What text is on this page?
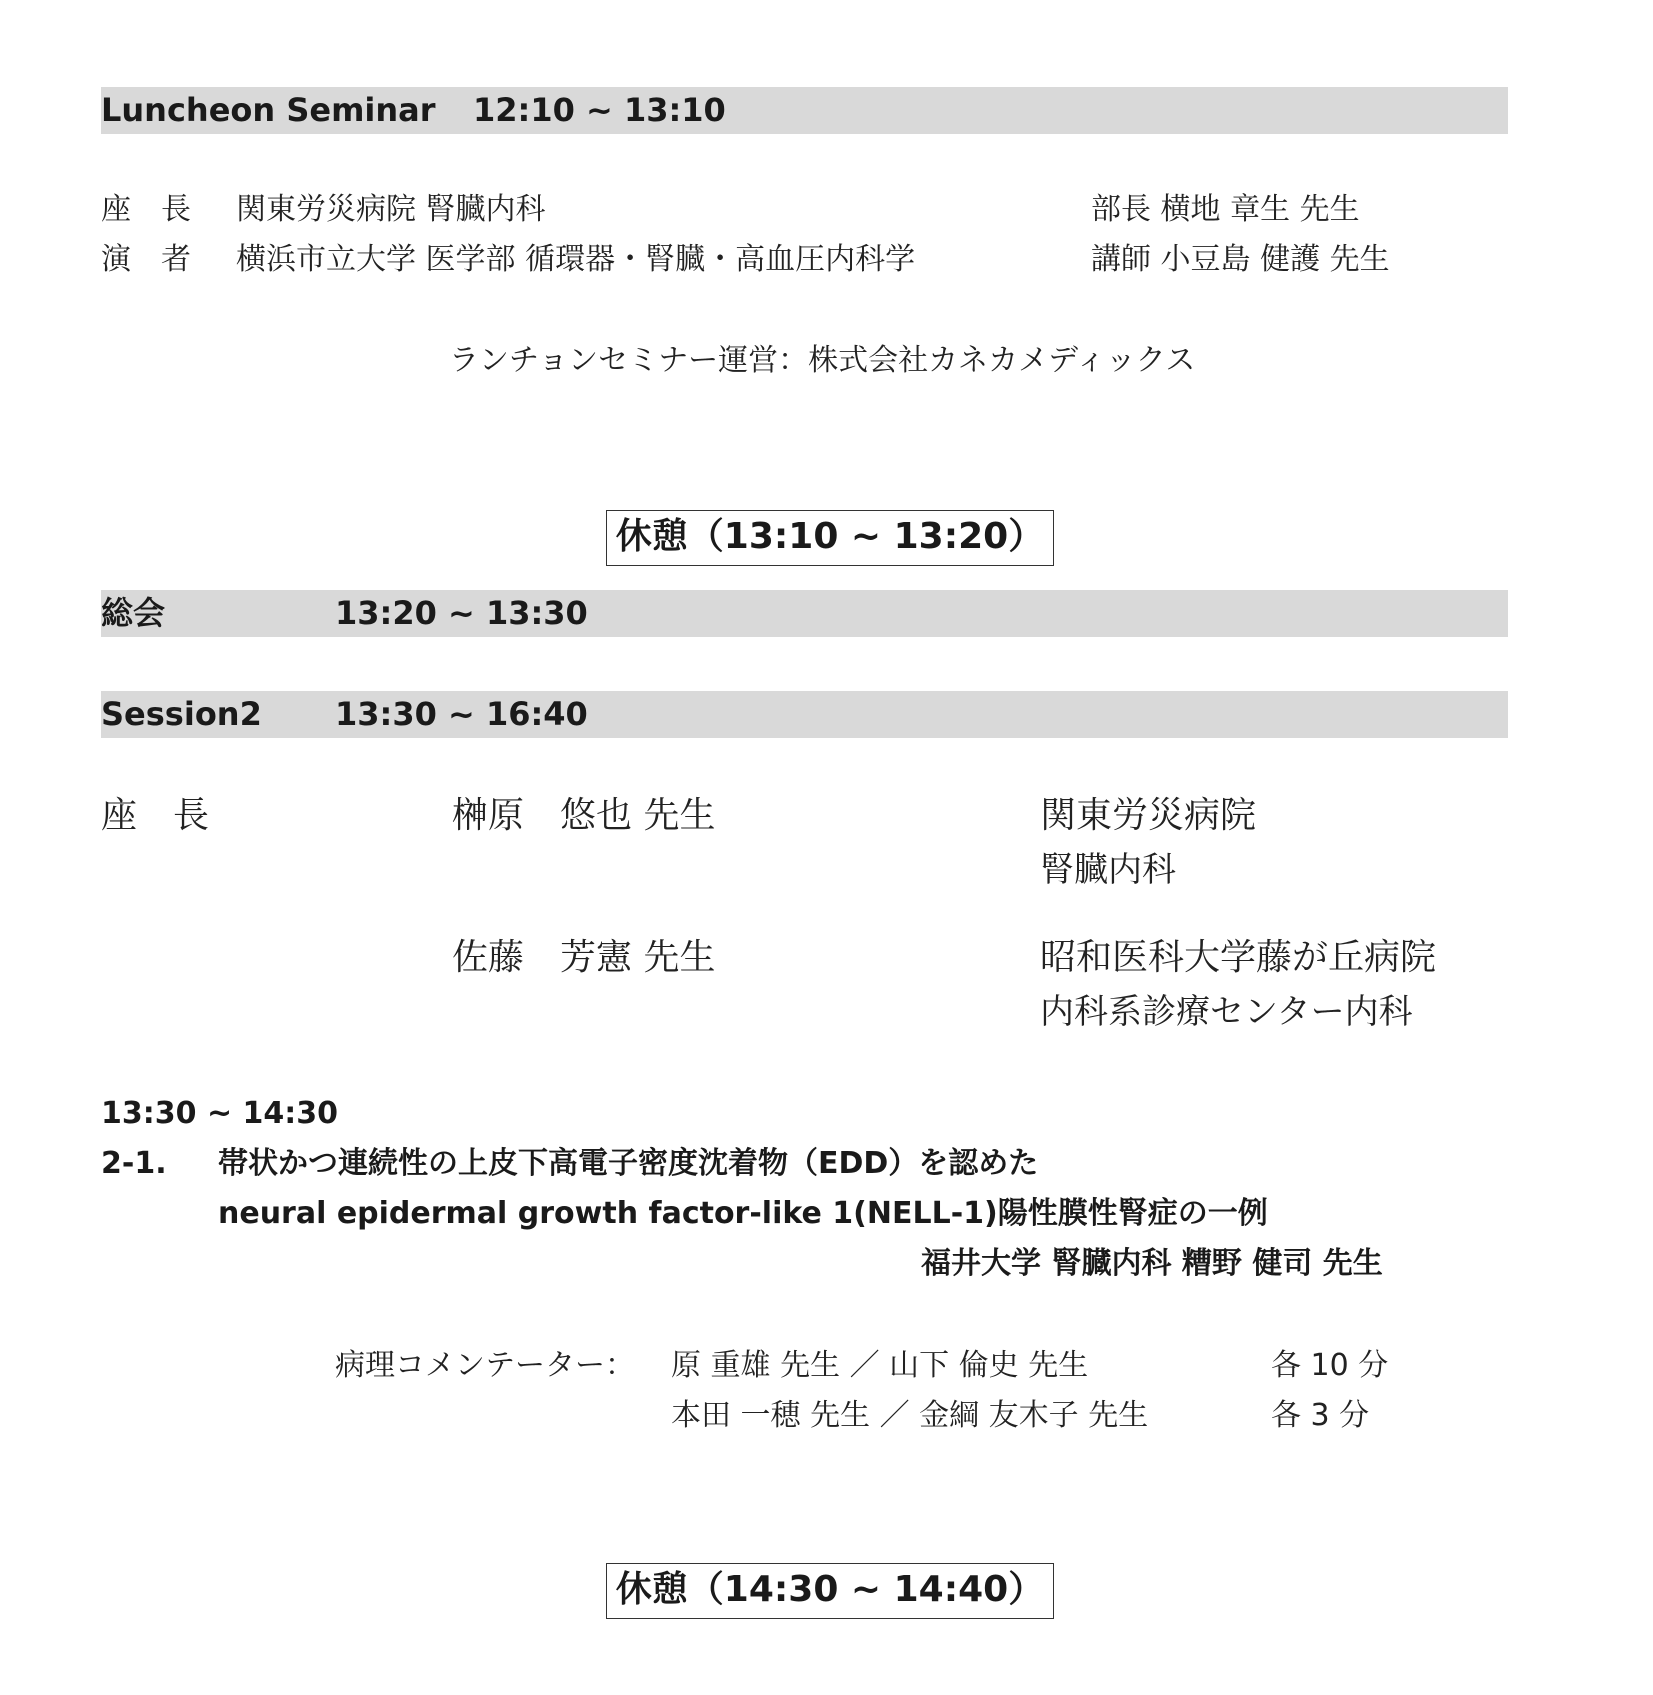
Luncheon Seminar 12:10 ~ 13:10
座　長 関東労災病院 腎臓内科	部長 横地 章生 先生
演　者 横浜市立大学 医学部 循環器・腎臓・高血圧内科学	講師 小豆島 健護 先生
ランチョンセミナー運営：株式会社カネカメディックス
休憩（13:10 ~ 13:20）
総会	13:20 ~ 13:30
Session2 13:30 ~ 16:40
座　長	榊原　悠也 先生	関東労災病院
腎臓内科
佐藤　芳憲 先生	昭和医科大学藤が丘病院
内科系診療センター内科
13:30 ~ 14:30
2-1. 帯状かつ連続性の上皮下高電子密度沈着物（EDD）を認めた
neural epidermal growth factor-like 1(NELL-1)陽性膜性腎症の一例
福井大学 腎臓内科 糟野 健司 先生
病理コメンテーター： 原 重雄 先生 ／ 山下 倫史 先生	各 10 分
本田 一穂 先生 ／ 金綱 友木子 先生	各 3 分
休憩（14:30 ~ 14:40）
